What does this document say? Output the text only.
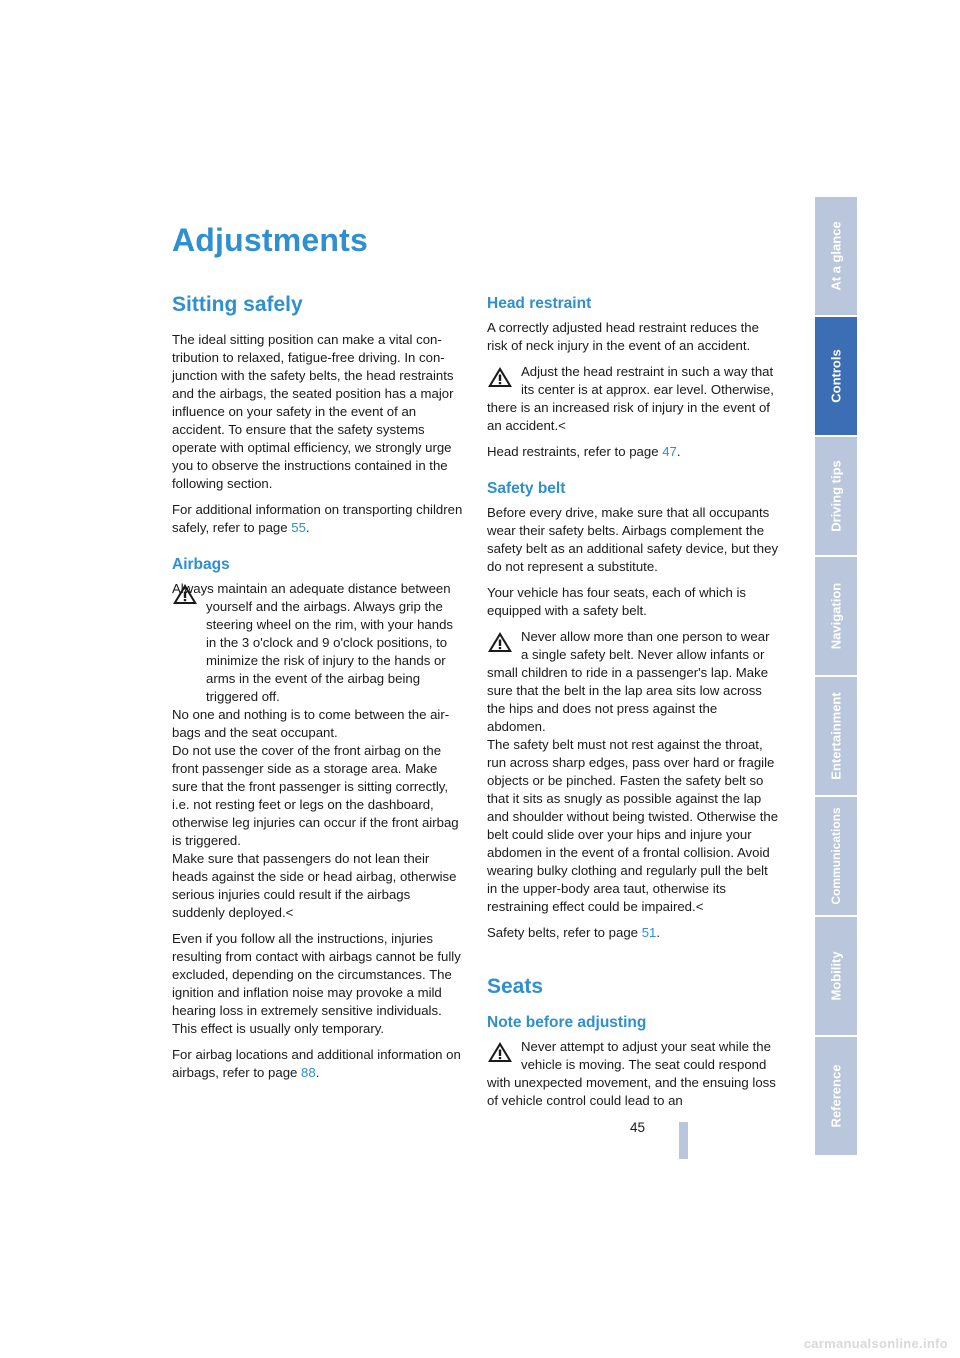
Adjustments
Sitting safely

The ideal sitting position can make a vital contribution to relaxed, fatigue-free driving. In conjunction with the safety belts, the head restraints and the airbags, the seated position has a major influence on your safety in the event of an accident. To ensure that the safety systems operate with optimal efficiency, we strongly urge you to observe the instructions contained in the following section.

For additional information on transporting children safely, refer to page 55.

Airbags

Always maintain an adequate distance between yourself and the airbags. Always grip the steering wheel on the rim, with your hands in the 3 o'clock and 9 o'clock positions, to minimize the risk of injury to the hands or arms in the event of the airbag being triggered off.

No one and nothing is to come between the airbags and the seat occupant.

Do not use the cover of the front airbag on the front passenger side as a storage area. Make sure that the front passenger is sitting correctly, i.e. not resting feet or legs on the dashboard, otherwise leg injuries can occur if the front airbag is triggered.

Make sure that passengers do not lean their heads against the side or head airbag, otherwise serious injuries could result if the airbags suddenly deployed.<

Even if you follow all the instructions, injuries resulting from contact with airbags cannot be fully excluded, depending on the circumstances. The ignition and inflation noise may provoke a mild hearing loss in extremely sensitive individuals. This effect is usually only temporary.

For airbag locations and additional information on airbags, refer to page 88.

Head restraint

A correctly adjusted head restraint reduces the risk of neck injury in the event of an accident.

Adjust the head restraint in such a way that its center is at approx. ear level. Otherwise, there is an increased risk of injury in the event of an accident.<

Head restraints, refer to page 47.

Safety belt

Before every drive, make sure that all occupants wear their safety belts. Airbags complement the safety belt as an additional safety device, but they do not represent a substitute.

Your vehicle has four seats, each of which is equipped with a safety belt.

Never allow more than one person to wear a single safety belt. Never allow infants or small children to ride in a passenger's lap. Make sure that the belt in the lap area sits low across the hips and does not press against the abdomen.

The safety belt must not rest against the throat, run across sharp edges, pass over hard or fragile objects or be pinched. Fasten the safety belt so that it sits as snugly as possible against the lap and shoulder without being twisted. Otherwise the belt could slide over your hips and injure your abdomen in the event of a frontal collision. Avoid wearing bulky clothing and regularly pull the belt in the upper-body area taut, otherwise its restraining effect could be impaired.<

Safety belts, refer to page 51.

Seats
Note before adjusting

Never attempt to adjust your seat while the vehicle is moving. The seat could respond with unexpected movement, and the ensuing loss of vehicle control could lead to an

At a glance
Controls
Driving tips
Navigation
Entertainment
Communications
Mobility
Reference
45
carmanualsonline.info
